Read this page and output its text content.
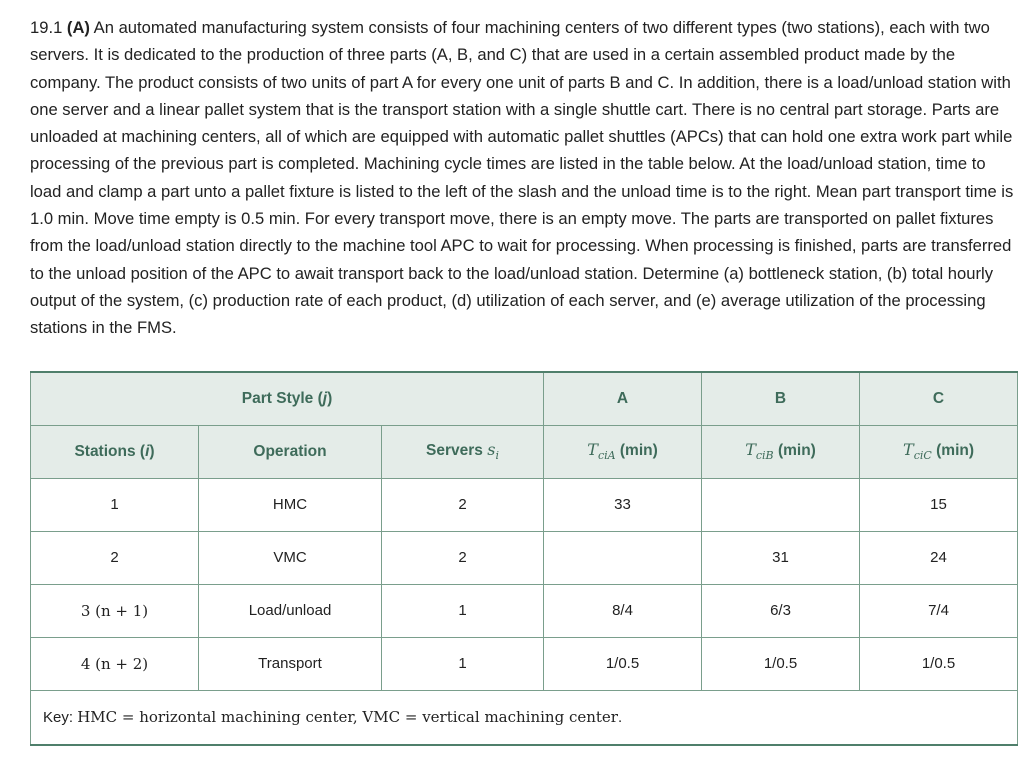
19.1 (A) An automated manufacturing system consists of four machining centers of two different types (two stations), each with two servers. It is dedicated to the production of three parts (A, B, and C) that are used in a certain assembled product made by the company. The product consists of two units of part A for every one unit of parts B and C. In addition, there is a load/unload station with one server and a linear pallet system that is the transport station with a single shuttle cart. There is no central part storage. Parts are unloaded at machining centers, all of which are equipped with automatic pallet shuttles (APCs) that can hold one extra work part while processing of the previous part is completed. Machining cycle times are listed in the table below. At the load/unload station, time to load and clamp a part unto a pallet fixture is listed to the left of the slash and the unload time is to the right. Mean part transport time is 1.0 min. Move time empty is 0.5 min. For every transport move, there is an empty move. The parts are transported on pallet fixtures from the load/unload station directly to the machine tool APC to wait for processing. When processing is finished, parts are transferred to the unload position of the APC to await transport back to the load/unload station. Determine (a) bottleneck station, (b) total hourly output of the system, (c) production rate of each product, (d) utilization of each server, and (e) average utilization of the processing stations in the FMS.

Part Style (j)			A	B	C
Stations (i)	Operation	Servers $s_i$	$T_{ciA}$ (min)	$T_{ciB}$ (min)	$T_{ciC}$ (min)
1	HMC	2	33		15
2	VMC	2		31	24
3 (n + 1)	Load/unload	1	8/4	6/3	7/4
4 (n + 2)	Transport	1	1/0.5	1/0.5	1/0.5
Key: HMC = horizontal machining center, VMC = vertical machining center.					
